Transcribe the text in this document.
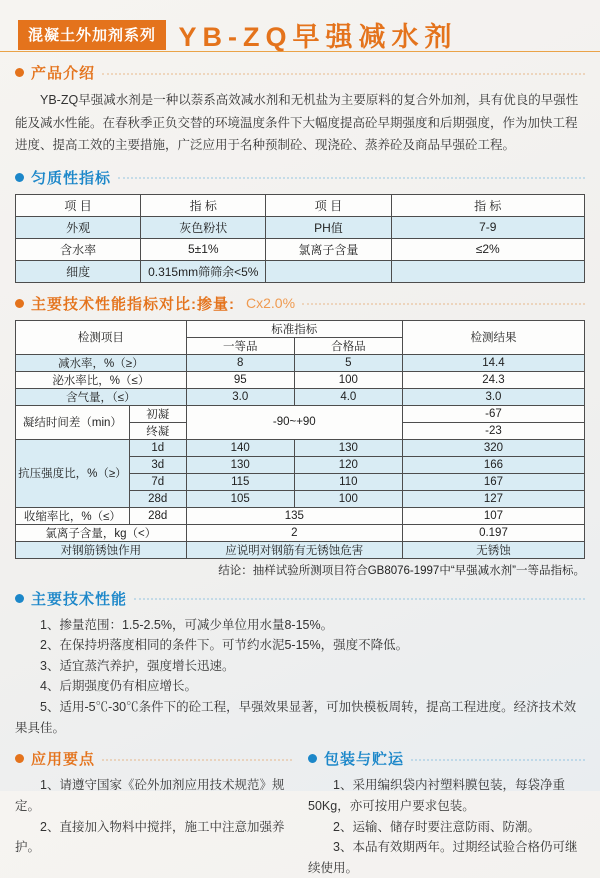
混凝土外加剂系列 YB-ZQ早强减水剂
产品介绍

YB-ZQ早强减水剂是一种以萘系高效减水剂和无机盐为主要原料的复合外加剂，具有优良的早强性能及减水性能。在春秋季正负交替的环境温度条件下大幅度提高砼早期强度和后期强度，作为加快工程进度、提高工效的主要措施，广泛应用于名种预制砼、现浇砼、蒸养砼及商品早强砼工程。

匀质性指标
项 目	指 标	项 目	指 标
外观	灰色粉状	PH值	7-9
含水率	5±1%	氯离子含量	≤2%
细度	0.315mm筛筛余<5%		
主要技术性能指标对比:掺量: Cx2.0%
检测项目		标准指标		检测结果
		一等品	合格品	
减水率，%（≥）		8	5	14.4
泌水率比，%（≤）		95	100	24.3
含气量，（≤）		3.0	4.0	3.0
凝结时间差（min）	初凝	-90~+90		-67
	终凝			-23
抗压强度比，%（≥）	1d	140	130	320
	3d	130	120	166
	7d	115	110	167
	28d	105	100	127
收缩率比，%（≤）	28d	135		107
氯离子含量，kg（<）		2		0.197
对钢筋锈蚀作用		应说明对钢筋有无锈蚀危害		无锈蚀
结论：抽样试验所测项目符合GB8076-1997中“早强减水剂”一等品指标。
主要技术性能

1、掺量范围：1.5-2.5%，可减少单位用水量8-15%。

2、在保持坍落度相同的条件下。可节约水泥5-15%，强度不降低。

3、适宜蒸汽养护，强度增长迅速。

4、后期强度仍有相应增长。

5、适用-5℃-30℃条件下的砼工程，早强效果显著，可加快模板周转，提高工程进度。经济技术效果具佳。

应用要点

1、请遵守国家《砼外加剂应用技术规范》规定。

2、直接加入物料中搅拌，施工中注意加强养护。

包装与贮运

1、采用编织袋内衬塑料膜包装，每袋净重50Kg，亦可按用户要求包装。

2、运输、储存时要注意防雨、防潮。

3、本品有效期两年。过期经试验合格仍可继续使用。
